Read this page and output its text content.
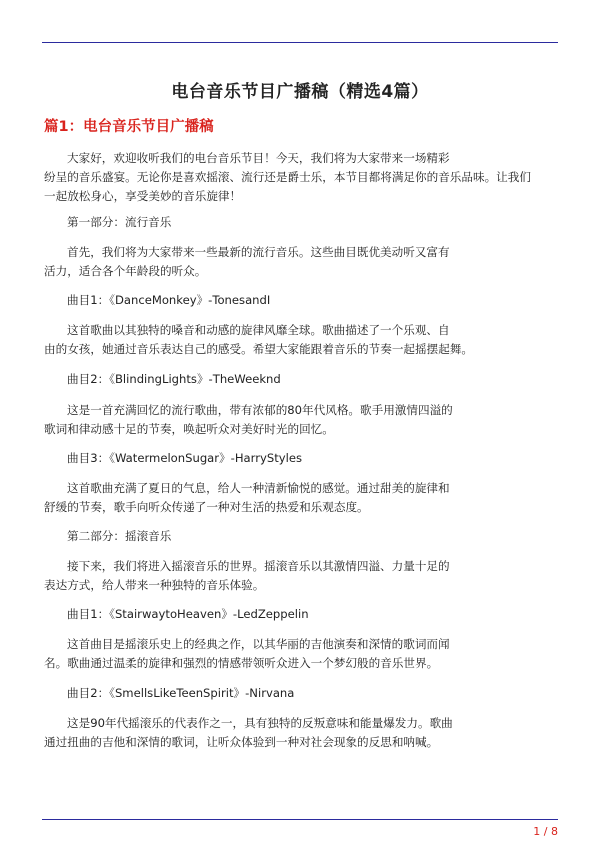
电台音乐节目广播稿（精选4篇）
篇1：电台音乐节目广播稿
大家好，欢迎收听我们的电台音乐节目！今天，我们将为大家带来一场精彩
纷呈的音乐盛宴。无论你是喜欢摇滚、流行还是爵士乐，本节目都将满足你的音乐品味。让我们
一起放松身心，享受美妙的音乐旋律！
第一部分：流行音乐
首先，我们将为大家带来一些最新的流行音乐。这些曲目既优美动听又富有
活力，适合各个年龄段的听众。
曲目1：《DanceMonkey》-TonesandI
这首歌曲以其独特的嗓音和动感的旋律风靡全球。歌曲描述了一个乐观、自
由的女孩，她通过音乐表达自己的感受。希望大家能跟着音乐的节奏一起摇摆起舞。
曲目2：《BlindingLights》-TheWeeknd
这是一首充满回忆的流行歌曲，带有浓郁的80年代风格。歌手用激情四溢的
歌词和律动感十足的节奏，唤起听众对美好时光的回忆。
曲目3：《WatermelonSugar》-HarryStyles
这首歌曲充满了夏日的气息，给人一种清新愉悦的感觉。通过甜美的旋律和
舒缓的节奏，歌手向听众传递了一种对生活的热爱和乐观态度。
第二部分：摇滚音乐
接下来，我们将进入摇滚音乐的世界。摇滚音乐以其激情四溢、力量十足的
表达方式，给人带来一种独特的音乐体验。
曲目1：《StairwaytoHeaven》-LedZeppelin
这首曲目是摇滚乐史上的经典之作，以其华丽的吉他演奏和深情的歌词而闻
名。歌曲通过温柔的旋律和强烈的情感带领听众进入一个梦幻般的音乐世界。
曲目2：《SmellsLikeTeenSpirit》-Nirvana
这是90年代摇滚乐的代表作之一，具有独特的反叛意味和能量爆发力。歌曲
通过扭曲的吉他和深情的歌词，让听众体验到一种对社会现象的反思和呐喊。
1 / 8
